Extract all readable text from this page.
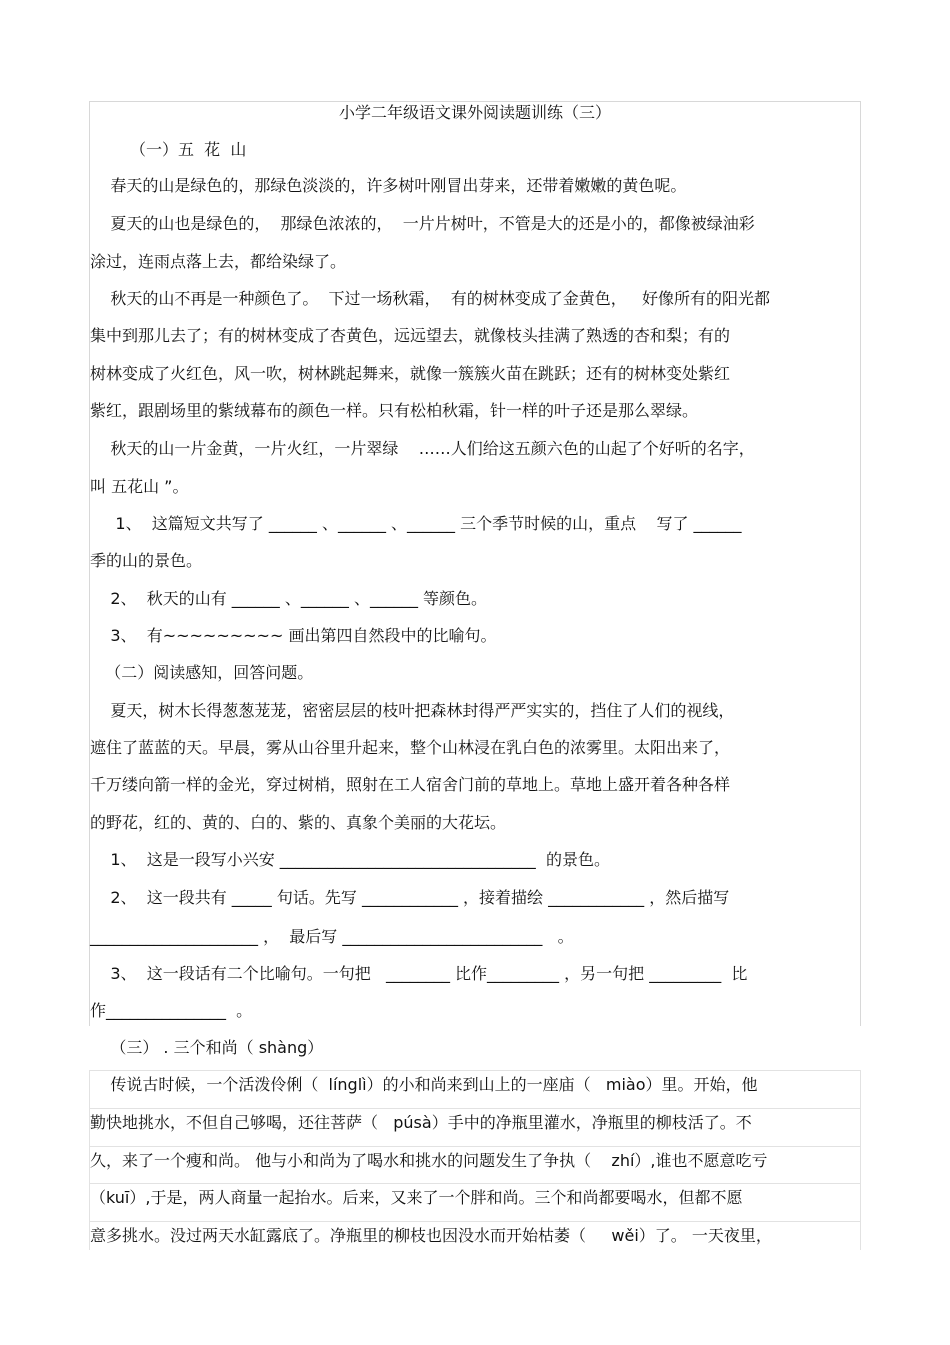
小学二年级语文课外阅读题训练（三）
（一）五  花  山
春天的山是绿色的，那绿色淡淡的，许多树叶刚冒出芽来，还带着嫩嫩的黄色呢。
夏天的山也是绿色的，  那绿色浓浓的，  一片片树叶，不管是大的还是小的，都像被绿油彩
涂过，连雨点落上去，都给染绿了。
秋天的山不再是一种颜色了。  下过一场秋霜，  有的树林变成了金黄色，   好像所有的阳光都
集中到那儿去了；有的树林变成了杏黄色，远远望去，就像枝头挂满了熟透的杏和梨；有的
树林变成了火红色，风一吹，树林跳起舞来，就像一簇簇火苗在跳跃；还有的树林变处紫红
紫红，跟剧场里的紫绒幕布的颜色一样。只有松柏秋霜，针一样的叶子还是那么翠绿。
秋天的山一片金黄，一片火红，一片翠绿    ……人们给这五颜六色的山起了个好听的名字，
叫 五花山 ”。
1、  这篇短文共写了 ______ 、______ 、______ 三个季节时候的山，重点    写了 ______
季的山的景色。
2、  秋天的山有 ______ 、______ 、______ 等颜色。
3、  有~~~~~~~~~ 画出第四自然段中的比喻句。
（二）阅读感知，回答问题。
夏天，树木长得葱葱茏茏，密密层层的枝叶把森林封得严严实实的，挡住了人们的视线，
遮住了蓝蓝的天。早晨，雾从山谷里升起来，整个山林浸在乳白色的浓雾里。太阳出来了，
千万缕向箭一样的金光，穿过树梢，照射在工人宿舍门前的草地上。草地上盛开着各种各样
的野花，红的、黄的、白的、紫的、真象个美丽的大花坛。
1、  这是一段写小兴安 ________________________________  的景色。
2、  这一段共有 _____ 句话。先写 ____________ ，接着描绘 ____________ ，然后描写
_____________________ ，  最后写 _________________________   。
3、  这一段话有二个比喻句。一句把   ________ 比作_________ ，另一句把 _________  比
作_______________  。
（三） . 三个和尚（ shàng）
传说古时候，一个活泼伶俐（  línglì）的小和尚来到山上的一座庙（   miào）里。开始，他
勤快地挑水，不但自己够喝，还往菩萨（   púsà）手中的净瓶里灌水，净瓶里的柳枝活了。不
久，来了一个瘦和尚。 他与小和尚为了喝水和挑水的问题发生了争执（    zhí）,谁也不愿意吃亏
（kuī）,于是，两人商量一起抬水。后来，又来了一个胖和尚。三个和尚都要喝水，但都不愿
意多挑水。没过两天水缸露底了。净瓶里的柳枝也因没水而开始枯萎（     wěi）了。 一天夜里，
